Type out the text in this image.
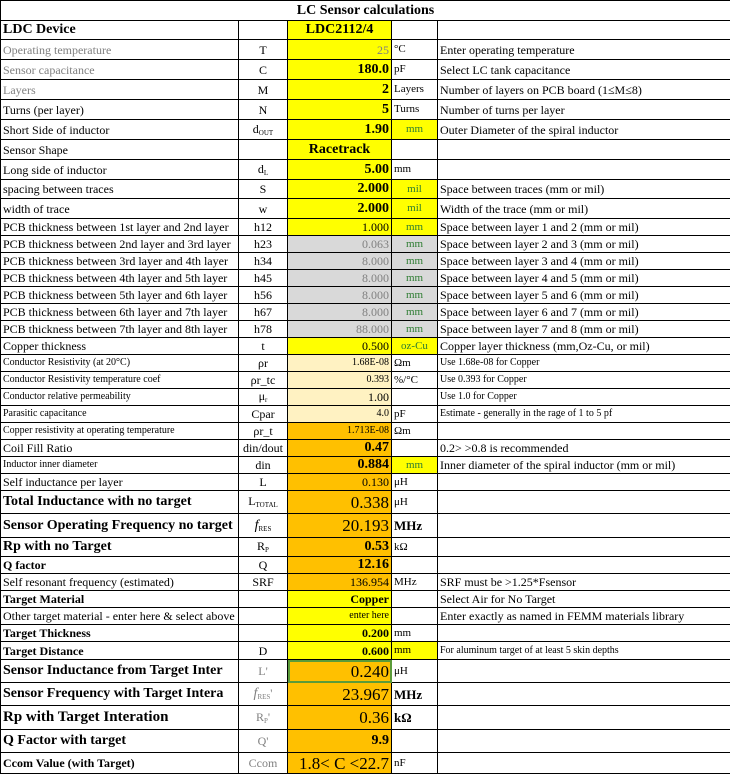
LC Sensor calculations				
LDC Device		LDC2112/4		
Operating temperature	T	25	°C	Enter operating temperature
Sensor capacitance	C	180.0	pF	Select LC tank capacitance
Layers	M	2	Layers	Number of layers on PCB board (1≤M≤8)
Turns (per layer)	N	5	Turns	Number of turns per layer
Short Side of inductor	$d_{OUT}$	1.90	mm	Outer Diameter of the spiral inductor
Sensor Shape		Racetrack		
Long side of inductor	$d_L$	5.00	mm	
spacing between traces	S	2.000	mil	Space between traces (mm or mil)
width of trace	w	2.000	mil	Width of the trace (mm or mil)
PCB thickness between 1st layer and 2nd layer	h12	1.000	mm	Space between layer 1 and 2 (mm or mil)
PCB thickness between 2nd layer and 3rd layer	h23	0.063	mm	Space between layer 2 and 3 (mm or mil)
PCB thickness between 3rd layer and 4th layer	h34	8.000	mm	Space between layer 3 and 4 (mm or mil)
PCB thickness between 4th layer and 5th layer	h45	8.000	mm	Space between layer 4 and 5 (mm or mil)
PCB thickness between 5th layer and 6th layer	h56	8.000	mm	Space between layer 5 and 6 (mm or mil)
PCB thickness between 6th layer and 7th layer	h67	8.000	mm	Space between layer 6 and 7 (mm or mil)
PCB thickness between 7th layer and 8th layer	h78	88.000	mm	Space between layer 7 and 8 (mm or mil)
Copper thickness	t	0.500	oz-Cu	Copper layer thickness (mm,Oz-Cu, or mil)
Conductor Resistivity (at 20°C)	ρr	1.68E-08	Ωm	Use 1.68e-08 for Copper
Conductor Resistivity temperature coef	ρr_tc	0.393	%/°C	Use 0.393 for Copper
Conductor relative permeability	$\mu_r$	1.00		Use 1.0 for Copper
Parasitic capacitance	Cpar	4.0	pF	Estimate - generally in the rage of 1 to 5 pf
Copper resistivity at operating temperature	ρr_t	1.713E-08	Ωm	
Coil Fill Ratio	din/dout	0.47		0.2> >0.8 is recommended
Inductor inner diameter	din	0.884	mm	Inner diameter of the spiral inductor (mm or mil)
Self inductance per layer	L	0.130	μH	
Total Inductance with no target	$L_{TOTAL}$	0.338	μH	
Sensor Operating Frequency no target	$f_{RES}$	20.193	MHz	
Rp with no Target	$R_P$	0.53	kΩ	
Q factor	Q	12.16		
Self resonant frequency (estimated)	SRF	136.954	MHz	SRF must be >1.25*Fsensor
Target Material		Copper		Select Air for No Target
Other target material - enter here & select above		enter here		Enter exactly as named in FEMM materials library
Target Thickness		0.200	mm	
Target Distance	D	0.600	mm	For aluminum target of at least 5 skin depths
Sensor Inductance from Target Inter	L'	0.240	μH	
Sensor Frequency with Target Intera	$f_{RES}'$	23.967	MHz	
Rp with Target Interation	$R_P'$	0.36	kΩ	
Q Factor with target	Q'	9.9		
Ccom Value (with Target)	Ccom	1.8< C <22.7	nF	
